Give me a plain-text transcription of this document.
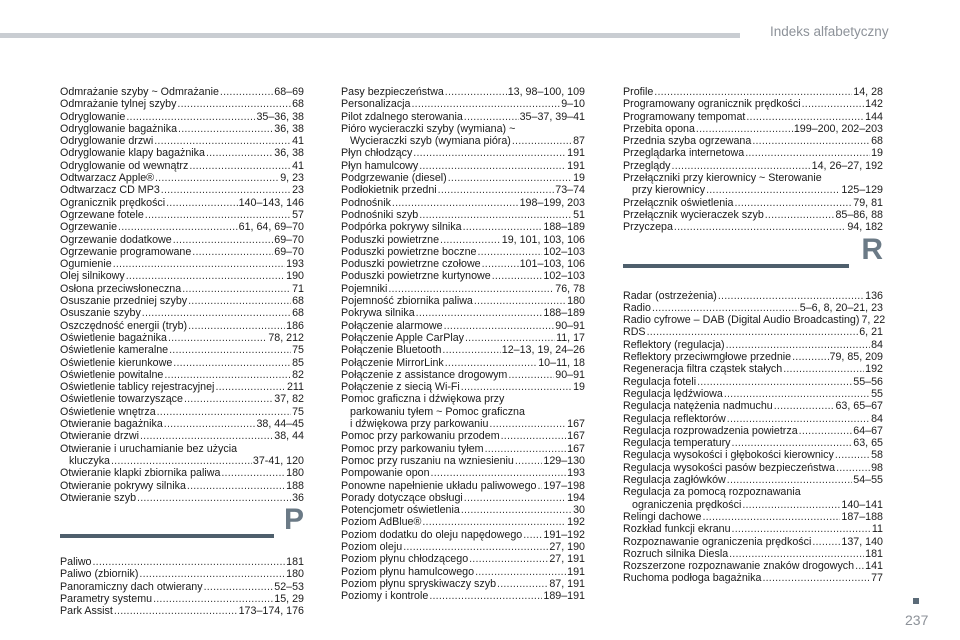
Indeks alfabetyczny
Odmrażanie szyby ~ Odmrażanie .....	68–69
Odmrażanie tylnej szyby .....	68
Odryglowanie .....	35–36, 38
Odryglowanie bagażnika .....	36, 38
Odryglowanie drzwi .....	41
Odryglowanie klapy bagażnika .....	36, 38
Odryglowanie od wewnątrz .....	41
Odtwarzacz Apple® .....	9, 23
Odtwarzacz CD MP3 .....	23
Ogranicznik prędkości .....	140–143, 146
Ogrzewane fotele .....	57
Ogrzewanie .....	61, 64, 69–70
Ogrzewanie dodatkowe .....	69–70
Ogrzewanie programowane .....	69–70
Ogumienie .....	193
Olej silnikowy .....	190
Osłona przeciwsłoneczna .....	71
Osuszanie przedniej szyby .....	68
Osuszanie szyby .....	68
Oszczędność energii (tryb) .....	186
Oświetlenie bagażnika .....	78, 212
Oświetlenie kameralne .....	75
Oświetlenie kierunkowe .....	85
Oświetlenie powitalne .....	82
Oświetlenie tablicy rejestracyjnej .....	211
Oświetlenie towarzyszące .....	37, 82
Oświetlenie wnętrza .....	75
Otwieranie bagażnika .....	38, 44–45
Otwieranie drzwi .....	38, 44
Otwieranie i uruchamianie bez użycia
kluczyka .....	37-41, 120
Otwieranie klapki zbiornika paliwa .....	180
Otwieranie pokrywy silnika .....	188
Otwieranie szyb .....	36
P
Paliwo .....	181
Paliwo (zbiornik) .....	180
Panoramiczny dach otwierany .....	52–53
Parametry systemu .....	15, 29
Park Assist .....	173–174, 176
Pasy bezpieczeństwa .....	13, 98–100, 109
Personalizacja .....	9–10
Pilot zdalnego sterowania .....	35–37, 39–41
Pióro wycieraczki szyby (wymiana) ~
Wycieraczki szyb (wymiana pióra) .....	87
Płyn chłodzący .....	191
Płyn hamulcowy .....	191
Podgrzewanie (diesel) .....	19
Podłokietnik przedni .....	73–74
Podnośnik .....	198–199, 203
Podnośniki szyb .....	51
Podpórka pokrywy silnika .....	188–189
Poduszki powietrzne .....	19, 101, 103, 106
Poduszki powietrzne boczne .....	102–103
Poduszki powietrzne czołowe .....	101–103, 106
Poduszki powietrzne kurtynowe .....	102–103
Pojemniki .....	76, 78
Pojemność zbiornika paliwa .....	180
Pokrywa silnika .....	188–189
Połączenie alarmowe .....	90–91
Połączenie Apple CarPlay .....	11, 17
Połączenie Bluetooth .....	12–13, 19, 24–26
Połączenie MirrorLink .....	10–11, 18
Połączenie z assistance drogowym .....	90–91
Połączenie z siecią Wi-Fi .....	19
Pomoc graficzna i dźwiękowa przy
parkowaniu tyłem ~ Pomoc graficzna
i dźwiękowa przy parkowaniu .....	167
Pomoc przy parkowaniu przodem .....	167
Pomoc przy parkowaniu tyłem .....	167
Pomoc przy ruszaniu na wzniesieniu .....	129–130
Pompowanie opon .....	193
Ponowne napełnienie układu paliwowego ..... 197–198
Porady dotyczące obsługi .....	194
Potencjometr oświetlenia .....	30
Poziom AdBlue® .....	192
Poziom dodatku do oleju napędowego ..... 191–192
Poziom oleju .....	27, 190
Poziom płynu chłodzącego .....	27, 191
Poziom płynu hamulcowego .....	191
Poziom płynu spryskiwaczy szyb .....	87, 191
Poziomy i kontrole .....	189–191
Profile .....	14, 28
Programowany ogranicznik prędkości .....	142
Programowany tempomat .....	144
Przebita opona .....	199–200, 202–203
Przednia szyba ogrzewana .....	68
Przeglądarka internetowa .....	19
Przeglądy .....	14, 26–27, 192
Przełączniki przy kierownicy ~ Sterowanie
przy kierownicy .....	125–129
Przełącznik oświetlenia .....	79, 81
Przełącznik wycieraczek szyb .....	85–86, 88
Przyczepa .....	94, 182
R
Radar (ostrzeżenia) .....	136
Radio .....	5–6, 8, 20–21, 23
Radio cyfrowe – DAB (Digital Audio Broadcasting) 7, 22
RDS .....	6, 21
Reflektory (regulacja) .....	84
Reflektory przeciwmgłowe przednie .....	79, 85, 209
Regeneracja filtra cząstek stałych .....	192
Regulacja foteli .....	55–56
Regulacja lędźwiowa .....	55
Regulacja natężenia nadmuchu .....	63, 65–67
Regulacja reflektorów .....	84
Regulacja rozprowadzenia powietrza .....	64–67
Regulacja temperatury .....	63, 65
Regulacja wysokości i głębokości kierownicy .....	58
Regulacja wysokości pasów bezpieczeństwa .....	98
Regulacja zagłówków .....	54–55
Regulacja za pomocą rozpoznawania
ograniczenia prędkości .....	140–141
Relingi dachowe .....	187–188
Rozkład funkcji ekranu .....	11
Rozpoznawanie ograniczenia prędkości .....	137, 140
Rozruch silnika Diesla .....	181
Rozszerzone rozpoznawanie znaków drogowych ..... 141
Ruchoma podłoga bagażnika .....	77
237
